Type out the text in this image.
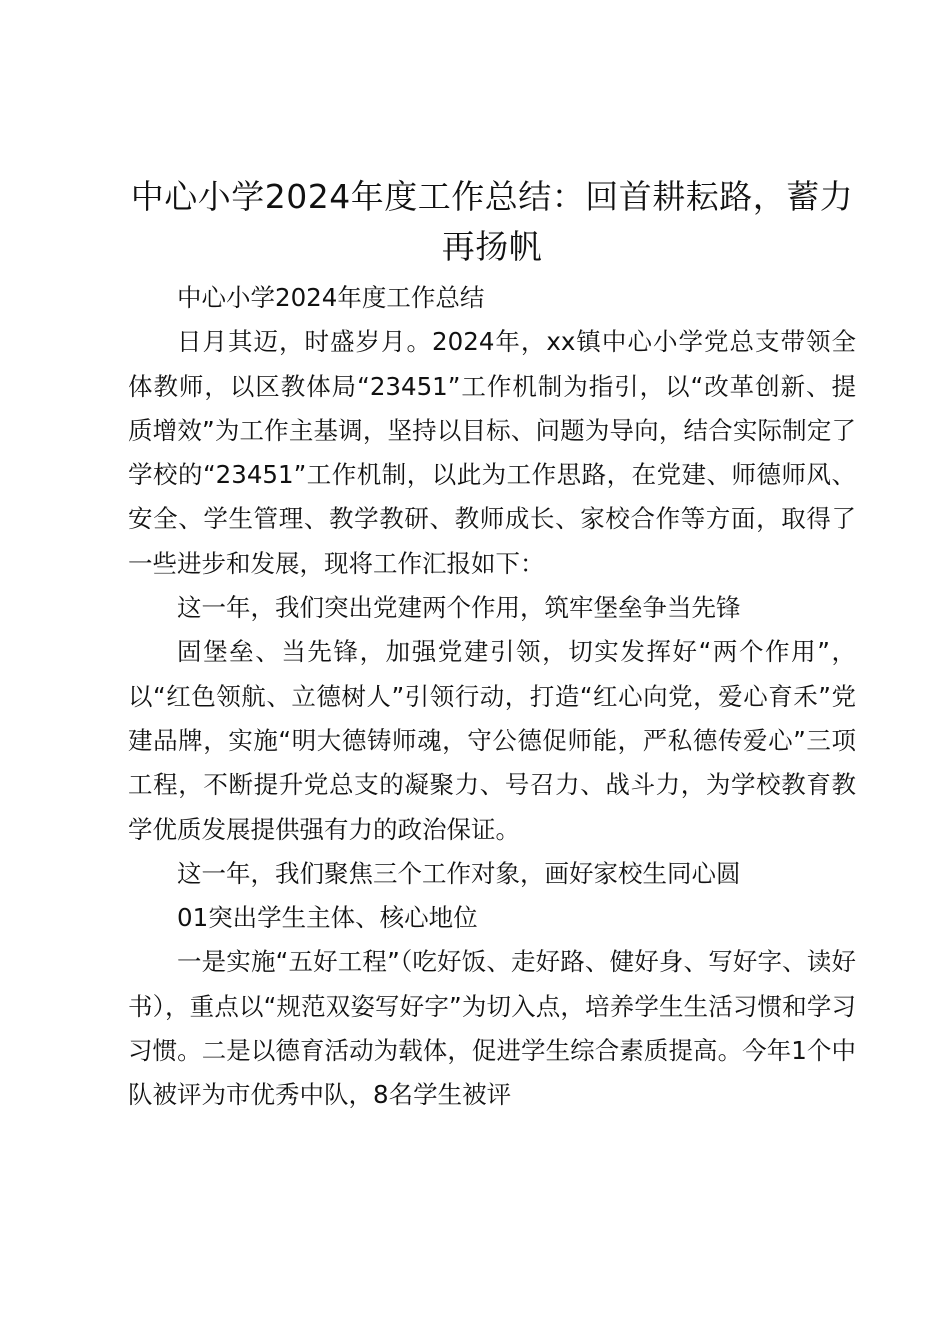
中心小学2024年度工作总结：回首耕耘路，蓄力再扬帆

中心小学2024年度工作总结

日月其迈，时盛岁月。2024年，xx镇中心小学党总支带领全体教师，以区教体局“23451”工作机制为指引，以“改革创新、提质增效”为工作主基调，坚持以目标、问题为导向，结合实际制定了学校的“23451”工作机制，以此为工作思路，在党建、师德师风、安全、学生管理、教学教研、教师成长、家校合作等方面，取得了一些进步和发展，现将工作汇报如下：

这一年，我们突出党建两个作用，筑牢堡垒争当先锋

固堡垒、当先锋，加强党建引领，切实发挥好“两个作用”，以“红色领航、立德树人”引领行动，打造“红心向党，爱心育禾”党建品牌，实施“明大德铸师魂，守公德促师能，严私德传爱心”三项工程，不断提升党总支的凝聚力、号召力、战斗力，为学校教育教学优质发展提供强有力的政治保证。

这一年，我们聚焦三个工作对象，画好家校生同心圆

01突出学生主体、核心地位

一是实施“五好工程”（吃好饭、走好路、健好身、写好字、读好书），重点以“规范双姿写好字”为切入点，培养学生生活习惯和学习习惯。二是以德育活动为载体，促进学生综合素质提高。今年1个中队被评为市优秀中队，8名学生被评
